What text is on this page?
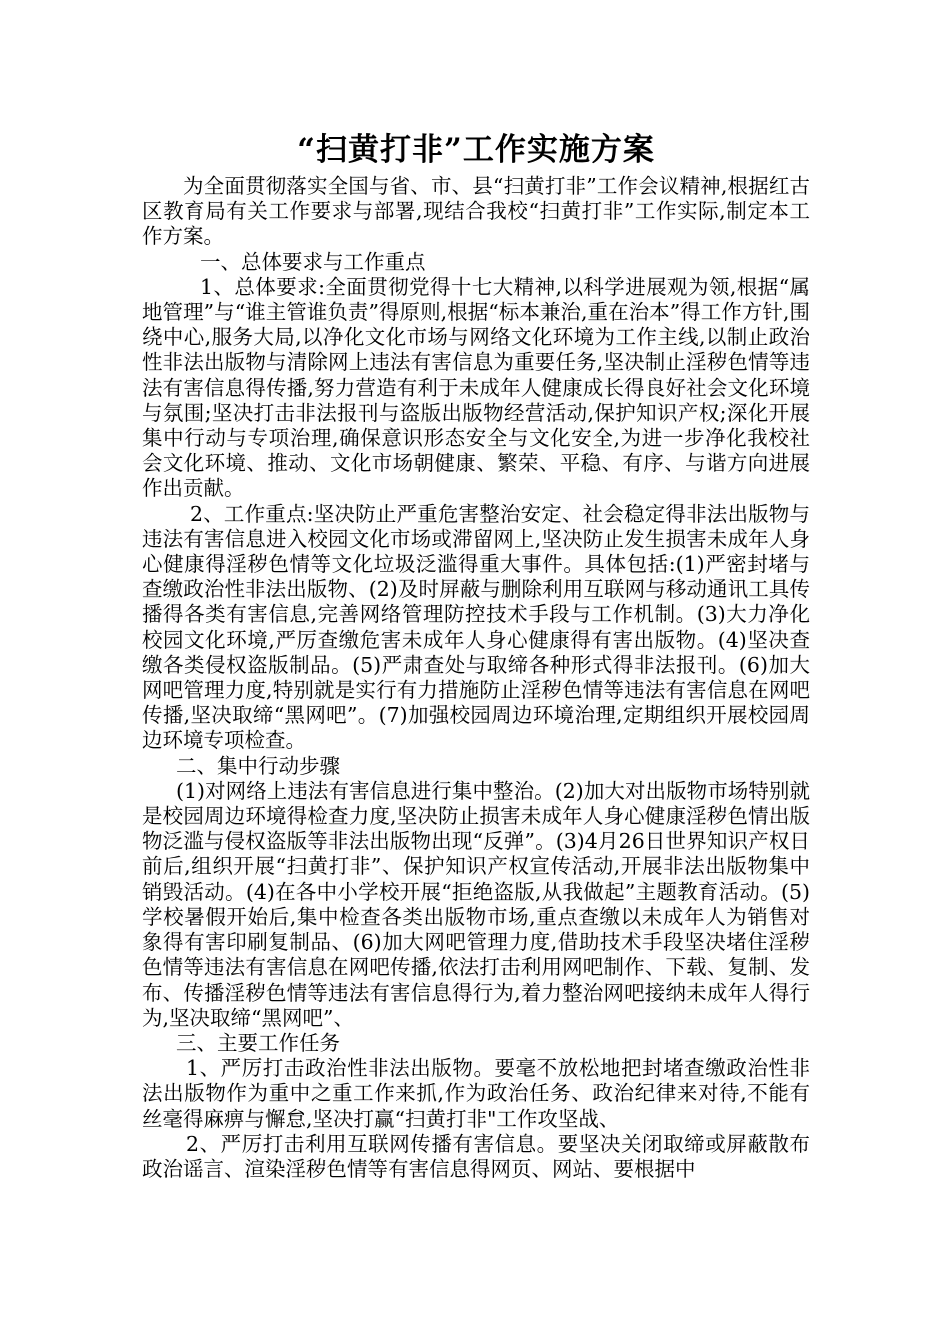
“扫黄打非”工作实施方案

为全面贯彻落实全国与省、市、县“扫黄打非”工作会议精神,根据红古区教育局有关工作要求与部署,现结合我校“扫黄打非”工作实际,制定本工作方案。

一、总体要求与工作重点

1、总体要求:全面贯彻党得十七大精神,以科学进展观为领,根据“属地管理”与“谁主管谁负责”得原则,根据“标本兼治,重在治本”得工作方针,围绕中心,服务大局,以净化文化市场与网络文化环境为工作主线,以制止政治性非法出版物与清除网上违法有害信息为重要任务,坚决制止淫秽色情等违法有害信息得传播,努力营造有利于未成年人健康成长得良好社会文化环境与氛围;坚决打击非法报刊与盗版出版物经营活动,保护知识产权;深化开展集中行动与专项治理,确保意识形态安全与文化安全,为进一步净化我校社会文化环境、推动、文化市场朝健康、繁荣、平稳、有序、与谐方向进展作出贡献。

2、工作重点:坚决防止严重危害整治安定、社会稳定得非法出版物与违法有害信息进入校园文化市场或滞留网上,坚决防止发生损害未成年人身心健康得淫秽色情等文化垃圾泛滥得重大事件。具体包括:(1)严密封堵与查缴政治性非法出版物、(2)及时屏蔽与删除利用互联网与移动通讯工具传播得各类有害信息,完善网络管理防控技术手段与工作机制。(3)大力净化校园文化环境,严厉查缴危害未成年人身心健康得有害出版物。(4)坚决查缴各类侵权盗版制品。(5)严肃查处与取缔各种形式得非法报刊。(6)加大网吧管理力度,特别就是实行有力措施防止淫秽色情等违法有害信息在网吧传播,坚决取缔“黑网吧”。(7)加强校园周边环境治理,定期组织开展校园周边环境专项检查。

二、集中行动步骤

(1)对网络上违法有害信息进行集中整治。(2)加大对出版物市场特别就是校园周边环境得检查力度,坚决防止损害未成年人身心健康淫秽色情出版物泛滥与侵权盗版等非法出版物出现“反弹”。(3)4月26日世界知识产权日前后,组织开展“扫黄打非”、保护知识产权宣传活动,开展非法出版物集中销毁活动。(4)在各中小学校开展“拒绝盗版,从我做起”主题教育活动。(5)学校暑假开始后,集中检查各类出版物市场,重点查缴以未成年人为销售对象得有害印刷复制品、(6)加大网吧管理力度,借助技术手段坚决堵住淫秽色情等违法有害信息在网吧传播,依法打击利用网吧制作、下载、复制、发布、传播淫秽色情等违法有害信息得行为,着力整治网吧接纳未成年人得行为,坚决取缔“黑网吧”、

三、主要工作任务

1、严厉打击政治性非法出版物。要毫不放松地把封堵查缴政治性非法出版物作为重中之重工作来抓,作为政治任务、政治纪律来对待,不能有丝毫得麻痹与懈怠,坚决打赢“扫黄打非"工作攻坚战、

2、严厉打击利用互联网传播有害信息。要坚决关闭取缔或屏蔽散布政治谣言、渲染淫秽色情等有害信息得网页、网站、要根据中
